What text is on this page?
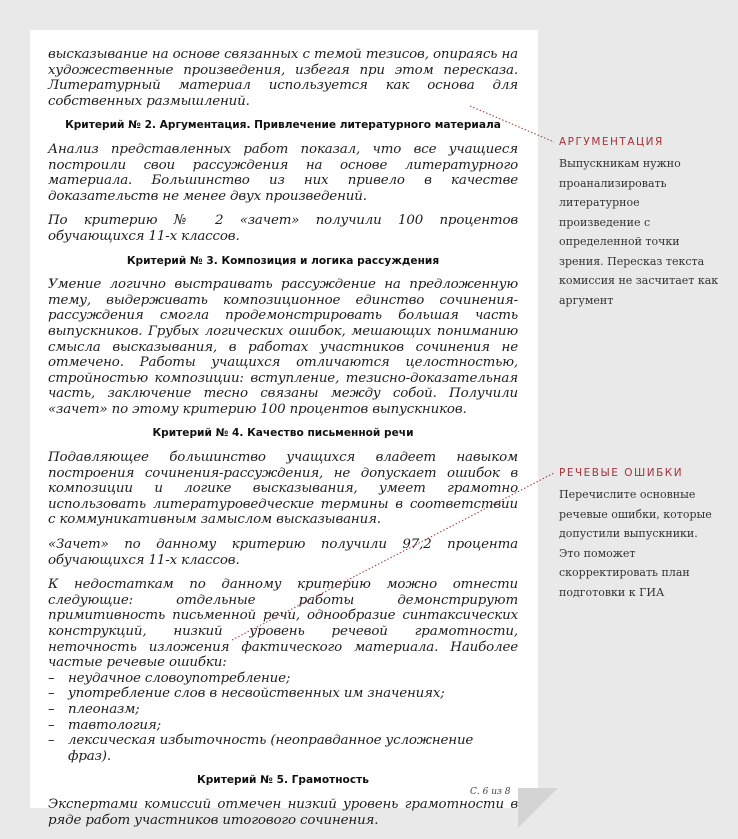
высказывание на основе связанных с темой тезисов, опираясь на художественные произведения, избегая при этом пересказа. Литературный материал используется как основа для собственных размышлений.

Критерий № 2. Аргументация. Привлечение литературного материала

Анализ представленных работ показал, что все учащиеся построили свои рассуждения на основе литературного материала. Большинство из них привело в качестве доказательств не менее двух произведений.

По критерию № 2 «зачет» получили 100 процентов обучающихся 11-х классов.

Критерий № 3. Композиция и логика рассуждения

Умение логично выстраивать рассуждение на предложенную тему, выдерживать композиционное единство сочинения-рассуждения смогла продемонстрировать большая часть выпускников. Грубых логических ошибок, мешающих пониманию смысла высказывания, в работах участников сочинения не отмечено. Работы учащихся отличаются целостностью, стройностью композиции: вступление, тезисно-доказательная часть, заключение тесно связаны между собой. Получили «зачет» по этому критерию 100 процентов выпускников.

Критерий № 4. Качество письменной речи

Подавляющее большинство учащихся владеет навыком построения сочинения-рассуждения, не допускает ошибок в композиции и логике высказывания, умеет грамотно использовать литературоведческие термины в соответствии с коммуникативным замыслом высказывания.

«Зачет» по данному критерию получили 97,2 процента обучающихся 11-х классов.

К недостаткам по данному критерию можно отнести следующие: отдельные работы демонстрируют примитивность письменной речи, однообразие синтаксических конструкций, низкий уровень речевой грамотности, неточность изложения фактического материала. Наиболее частые речевые ошибки:

– неудачное словоупотребление;
– употребление слов в несвойственных им значениях;
– плеоназм;
– тавтология;
– лексическая избыточность (неоправданное усложнение фраз).
Критерий № 5. Грамотность

Экспертами комиссий отмечен низкий уровень грамотности в ряде работ участников итогового сочинения.

С. 6 из 8
АРГУМЕНТАЦИЯ
Выпускникам нужно проанализировать литературное произведение с определенной точки зрения. Пересказ текста комиссия не засчитает как аргумент
РЕЧЕВЫЕ ОШИБКИ
Перечислите основные речевые ошибки, которые допустили выпускники. Это поможет скорректировать план подготовки к ГИА
